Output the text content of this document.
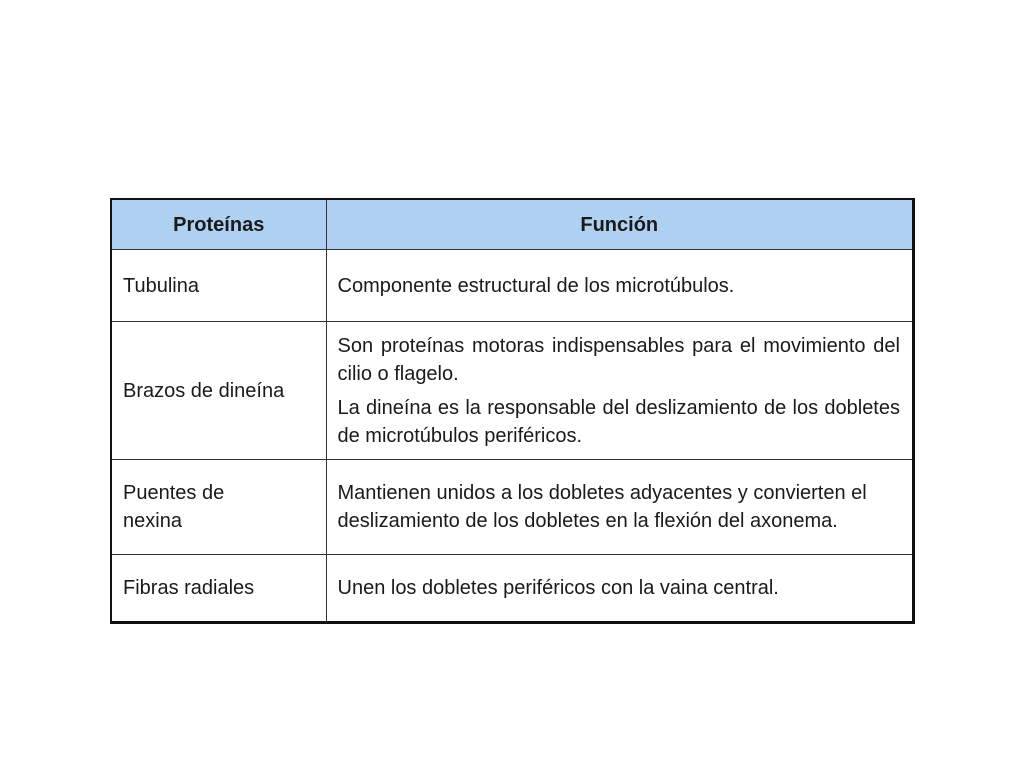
Proteínas	Función
Tubulina	Componente estructural de los microtúbulos.

Brazos de dineína	Son proteínas motoras indispensables para el movimiento del cilio o flagelo.
La dineína es la responsable del deslizamiento de los dobletes de microtúbulos periféricos.

Puentes de nexina	Mantienen unidos a los dobletes adyacentes y convierten el deslizamiento de los dobletes en la flexión del axonema.

Fibras radiales	Unen los dobletes periféricos con la vaina central.
